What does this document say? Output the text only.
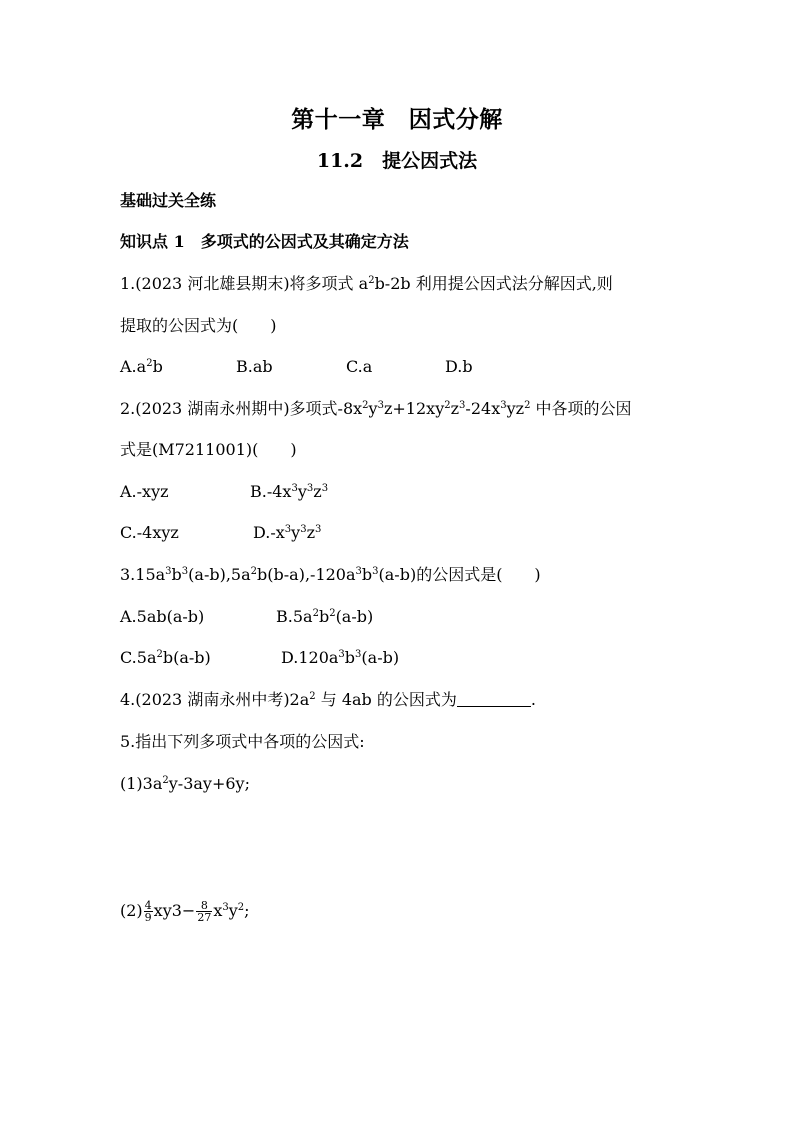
第十一章　因式分解
11.2　提公因式法
基础过关全练
知识点 1　多项式的公因式及其确定方法
1.(2023 河北雄县期末)将多项式 $a^2b-2b$ 利用提公因式法分解因式,则
提取的公因式为(　　)
$A.a^2b$	B.ab	C.a	D.b
2.(2023 湖南永州期中)多项式$-8x^2y^3z+12xy^2z^3-24x^3yz^2$ 中各项的公因
式是(M7211001)(　　)
A.-xyz	$B.-4x^3y^3z^3$
C.-4xyz	$D.-x^3y^3z^3$
$3.15a^3b^3(a-b),5a^2b(b-a),-120a^3b^3(a-b)$的公因式是(　　)
A.5ab(a-b)	$B.5a^2b^2(a-b)$
$C.5a^2b(a-b)$	$D.120a^3b^3(a-b)$
4.(2023 湖南永州中考)$2a^2$ 与 4ab 的公因式为	.
5.指出下列多项式中各项的公因式:
$(1)3a^2y-3ay+6y$;
$(2) \frac{4}{9} xy3- \frac{8}{27} x^3y^2$;
